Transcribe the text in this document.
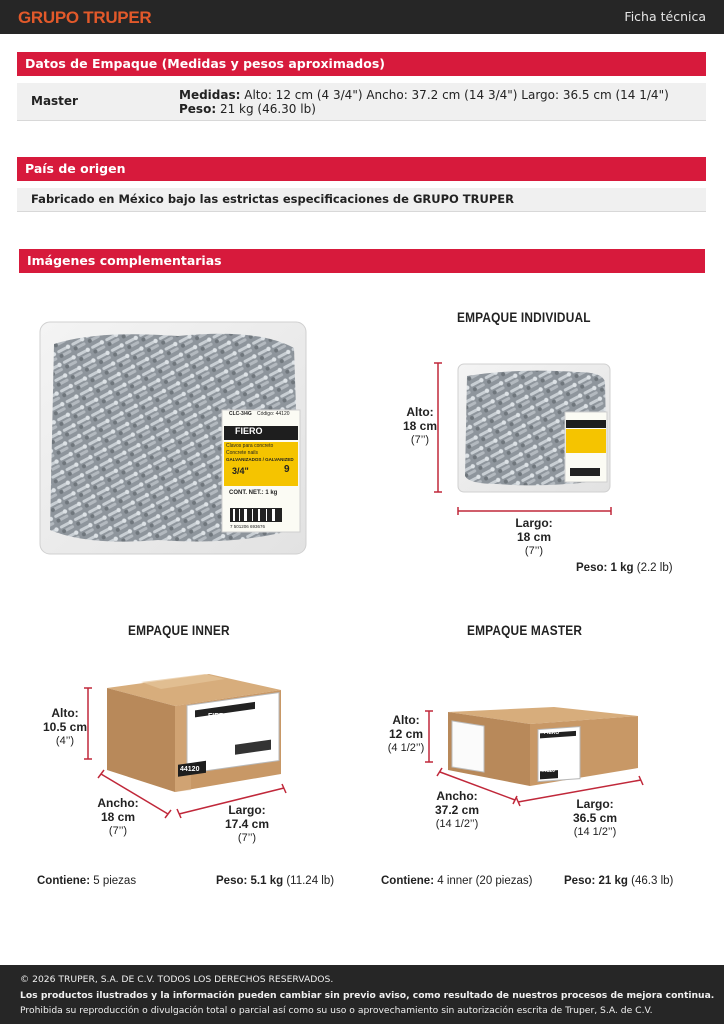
GRUPO TRUPER	Ficha técnica
Datos de Empaque (Medidas y pesos aproximados)
Master	Medidas: Alto: 12 cm (4 3/4") Ancho: 37.2 cm (14 3/4") Largo: 36.5 cm (14 1/4") Peso: 21 kg (46.30 lb)
País de origen
Fabricado en México bajo las estrictas especificaciones de GRUPO TRUPER
Imágenes complementarias
CLC-3/4G Código: 44120
FIERO
Clavos para concreto
Concrete nails
GALVANIZADOS / GALVANIZED
3/4"	9
CONT. NET.: 1 kg
7 501206 693676
EMPAQUE INDIVIDUAL
Alto:
18 cm
(7’’)
Largo:
18 cm
(7’’)
Peso: 1 kg (2.2 lb)
EMPAQUE INNER
FIERO
44120
Alto:
10.5 cm
(4’’)
Ancho:
18 cm
(7’’)
Largo:
17.4 cm
(7’’)
Contiene: 5 piezas	Peso: 5.1 kg (11.24 lb)
EMPAQUE MASTER
FIERO
44120
Alto:
12 cm
(4 1/2’’)
Ancho:
37.2 cm
(14 1/2’’)
Largo:
36.5 cm
(14 1/2’’)
Contiene: 4 inner (20 piezas)	Peso: 21 kg (46.3 lb)
© 2026 TRUPER, S.A. DE C.V. TODOS LOS DERECHOS RESERVADOS.
Los productos ilustrados y la información pueden cambiar sin previo aviso, como resultado de nuestros procesos de mejora continua.
Prohibida su reproducción o divulgación total o parcial así como su uso o aprovechamiento sin autorización escrita de Truper, S.A. de C.V.
